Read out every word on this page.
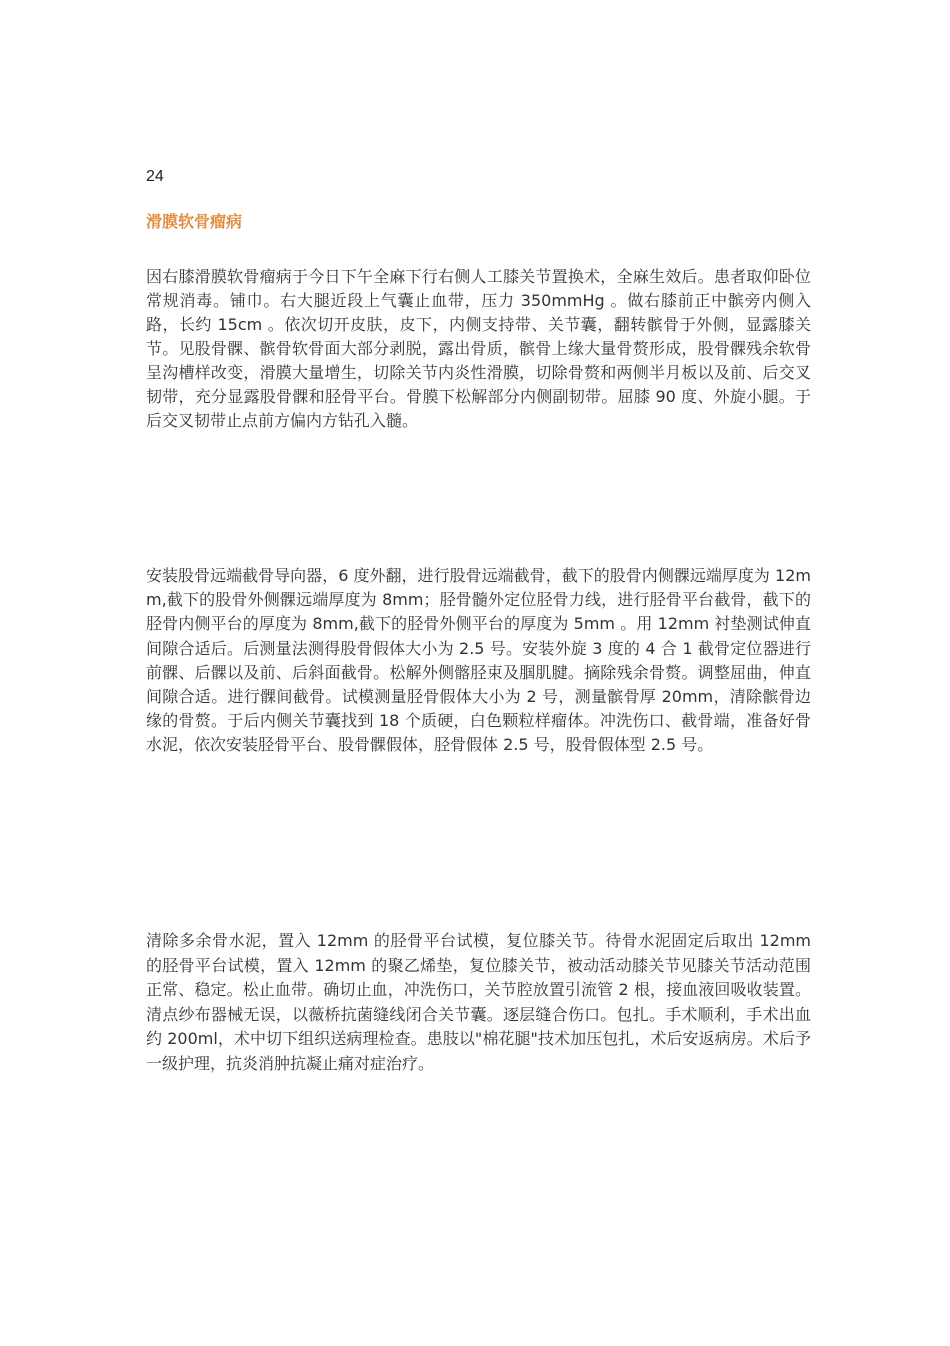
24
滑膜软骨瘤病

因右膝滑膜软骨瘤病于今日下午全麻下行右侧人工膝关节置换术，全麻生效后。患者取仰卧位常规消毒。铺巾。右大腿近段上气囊止血带，压力 350mmHg 。做右膝前正中髌旁内侧入路，长约 15cm 。依次切开皮肤，皮下，内侧支持带、关节囊，翻转髌骨于外侧，显露膝关节。见股骨髁、髌骨软骨面大部分剥脱，露出骨质，髌骨上缘大量骨赘形成，股骨髁残余软骨呈沟槽样改变，滑膜大量增生，切除关节内炎性滑膜，切除骨赘和两侧半月板以及前、后交叉韧带，充分显露股骨髁和胫骨平台。骨膜下松解部分内侧副韧带。屈膝 90 度、外旋小腿。于后交叉韧带止点前方偏内方钻孔入髓。

安装股骨远端截骨导向器，6 度外翻，进行股骨远端截骨，截下的股骨内侧髁远端厚度为 12mm,截下的股骨外侧髁远端厚度为 8mm；胫骨髓外定位胫骨力线，进行胫骨平台截骨，截下的胫骨内侧平台的厚度为 8mm,截下的胫骨外侧平台的厚度为 5mm 。用 12mm 衬垫测试伸直间隙合适后。后测量法测得股骨假体大小为 2.5 号。安装外旋 3 度的 4 合 1 截骨定位器进行前髁、后髁以及前、后斜面截骨。松解外侧髂胫束及腘肌腱。摘除残余骨赘。调整屈曲，伸直间隙合适。进行髁间截骨。试模测量胫骨假体大小为 2 号，测量髌骨厚 20mm，清除髌骨边缘的骨赘。于后内侧关节囊找到 18 个质硬，白色颗粒样瘤体。冲洗伤口、截骨端，准备好骨水泥，依次安装胫骨平台、股骨髁假体，胫骨假体 2.5 号，股骨假体型 2.5 号。

清除多余骨水泥，置入 12mm 的胫骨平台试模，复位膝关节。待骨水泥固定后取出 12mm 的胫骨平台试模，置入 12mm 的聚乙烯垫，复位膝关节，被动活动膝关节见膝关节活动范围正常、稳定。松止血带。确切止血，冲洗伤口，关节腔放置引流管 2 根，接血液回吸收装置。清点纱布器械无误，以薇桥抗菌缝线闭合关节囊。逐层缝合伤口。包扎。手术顺利，手术出血约 200ml，术中切下组织送病理检查。患肢以"棉花腿"技术加压包扎，术后安返病房。术后予一级护理，抗炎消肿抗凝止痛对症治疗。
